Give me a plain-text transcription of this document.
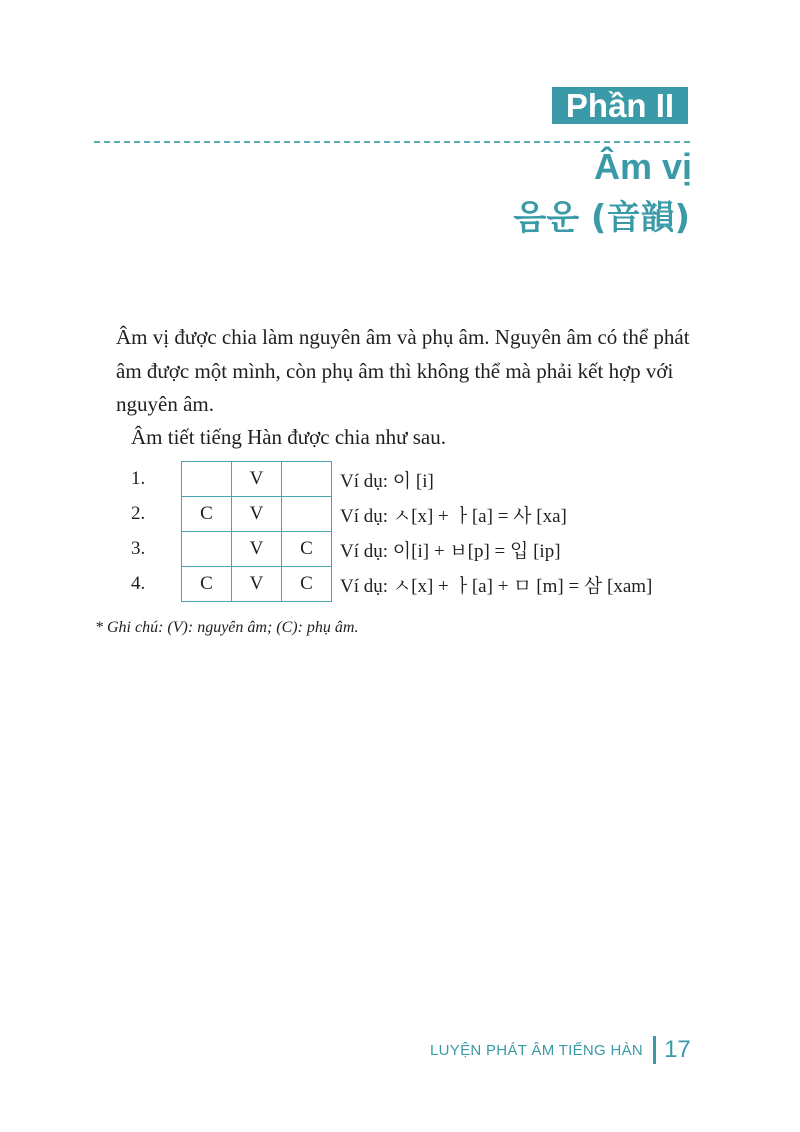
Phần II
Âm vị
음운 (音韻)

Âm vị được chia làm nguyên âm và phụ âm. Nguyên âm có thể phát âm được một mình, còn phụ âm thì không thể mà phải kết hợp với nguyên âm.

Âm tiết tiếng Hàn được chia như sau.

1.		V		Ví dụ: 이 [i]
2.	C	V		Ví dụ: ㅅ[x] + ㅏ[a] = 사 [xa]
3.		V	C	Ví dụ: 이[i] + ㅂ[p] = 입 [ip]
4.	C	V	C	Ví dụ: ㅅ[x] + ㅏ[a] + ㅁ [m] = 삼 [xam]
* Ghi chú: (V): nguyên âm; (C): phụ âm.
LUYỆN PHÁT ÂM TIẾNG HÀN 17
